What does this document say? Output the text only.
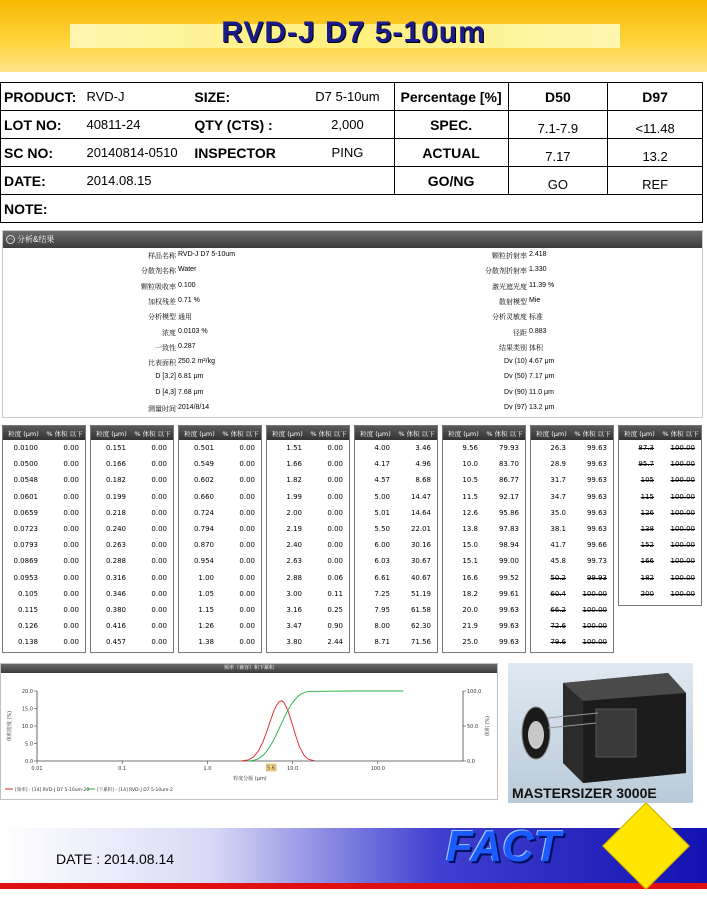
RVD-J D7 5-10um
PRODUCT:	RVD-J	SIZE:	D7 5-10um	Percentage [%]	D50	D97
LOT NO:	40811-24	QTY (CTS) :	2,000	SPEC.	7.1-7.9	<11.48
SC NO:	20140814-0510	INSPECTOR	PING	ACTUAL	7.17	13.2
DATE:	2014.08.15			GO/NG	GO	REF
NOTE:						
︿ 分析&结果
样品名称 RVD-J D7 5-10um
分散剂名称 Water
颗粒吸收率 0.100
加权残差 0.71 %
分析模型 通用
浓度 0.0103 %
一致性 0.287
比表面积 250.2 m²/kg
D [3,2] 6.81 μm
D [4,3] 7.68 μm
测量时间 2014/8/14
颗粒折射率 2.418
分散剂折射率 1.330
激光遮光度 11.39 %
散射模型 Mie
分析灵敏度 标准
径距 0.883
结果类别 体积
Dv (10) 4.67 μm
Dv (50) 7.17 μm
Dv (90) 11.0 μm
Dv (97) 13.2 μm
粒度 (μm)	% 体积 以下
0.0100	0.00
0.0500	0.00
0.0548	0.00
0.0601	0.00
0.0659	0.00
0.0723	0.00
0.0793	0.00
0.0869	0.00
0.0953	0.00
0.105	0.00
0.115	0.00
0.126	0.00
0.138	0.00
粒度 (μm)	% 体积 以下
0.151	0.00
0.166	0.00
0.182	0.00
0.199	0.00
0.218	0.00
0.240	0.00
0.263	0.00
0.288	0.00
0.316	0.00
0.346	0.00
0.380	0.00
0.416	0.00
0.457	0.00
粒度 (μm)	% 体积 以下
0.501	0.00
0.549	0.00
0.602	0.00
0.660	0.00
0.724	0.00
0.794	0.00
0.870	0.00
0.954	0.00
1.00	0.00
1.05	0.00
1.15	0.00
1.26	0.00
1.38	0.00
粒度 (μm)	% 体积 以下
1.51	0.00
1.66	0.00
1.82	0.00
1.99	0.00
2.00	0.00
2.19	0.00
2.40	0.00
2.63	0.00
2.88	0.06
3.00	0.11
3.16	0.25
3.47	0.90
3.80	2.44
粒度 (μm)	% 体积 以下
4.00	3.46
4.17	4.96
4.57	8.68
5.00	14.47
5.01	14.64
5.50	22.01
6.00	30.16
6.03	30.67
6.61	40.67
7.25	51.19
7.95	61.58
8.00	62.30
8.71	71.56
粒度 (μm)	% 体积 以下
9.56	79.93
10.0	83.70
10.5	86.77
11.5	92.17
12.6	95.86
13.8	97.83
15.0	98.94
15.1	99.00
16.6	99.52
18.2	99.61
20.0	99.63
21.9	99.63
25.0	99.63
粒度 (μm)	% 体积 以下
26.3	99.63
28.9	99.63
31.7	99.63
34.7	99.63
35.0	99.63
38.1	99.63
41.7	99.66
45.8	99.73
50.2	99.93
60.4	100.00
66.2	100.00
72.6	100.00
79.6	100.00
粒度 (μm)	% 体积 以下
87.3	100.00
95.7	100.00
105	100.00
115	100.00
126	100.00
138	100.00
152	100.00
166	100.00
182	100.00
200	100.00
频率（兼容）和下累积
0.01	0.1	1.0	10.0	100.0
0.0
5.0
10.0
15.0
20.0
0.0
50.0
100.0
粒度分级 (μm)
体积密度 (%)	体积 (%)
5.6
[频率] - [14] RVD-J D7 5-10um-20 [下累积] - [14] RVD-J D7 5-10um-2	MASTERSIZER 3000E
DATE : 2014.08.14	FACT
